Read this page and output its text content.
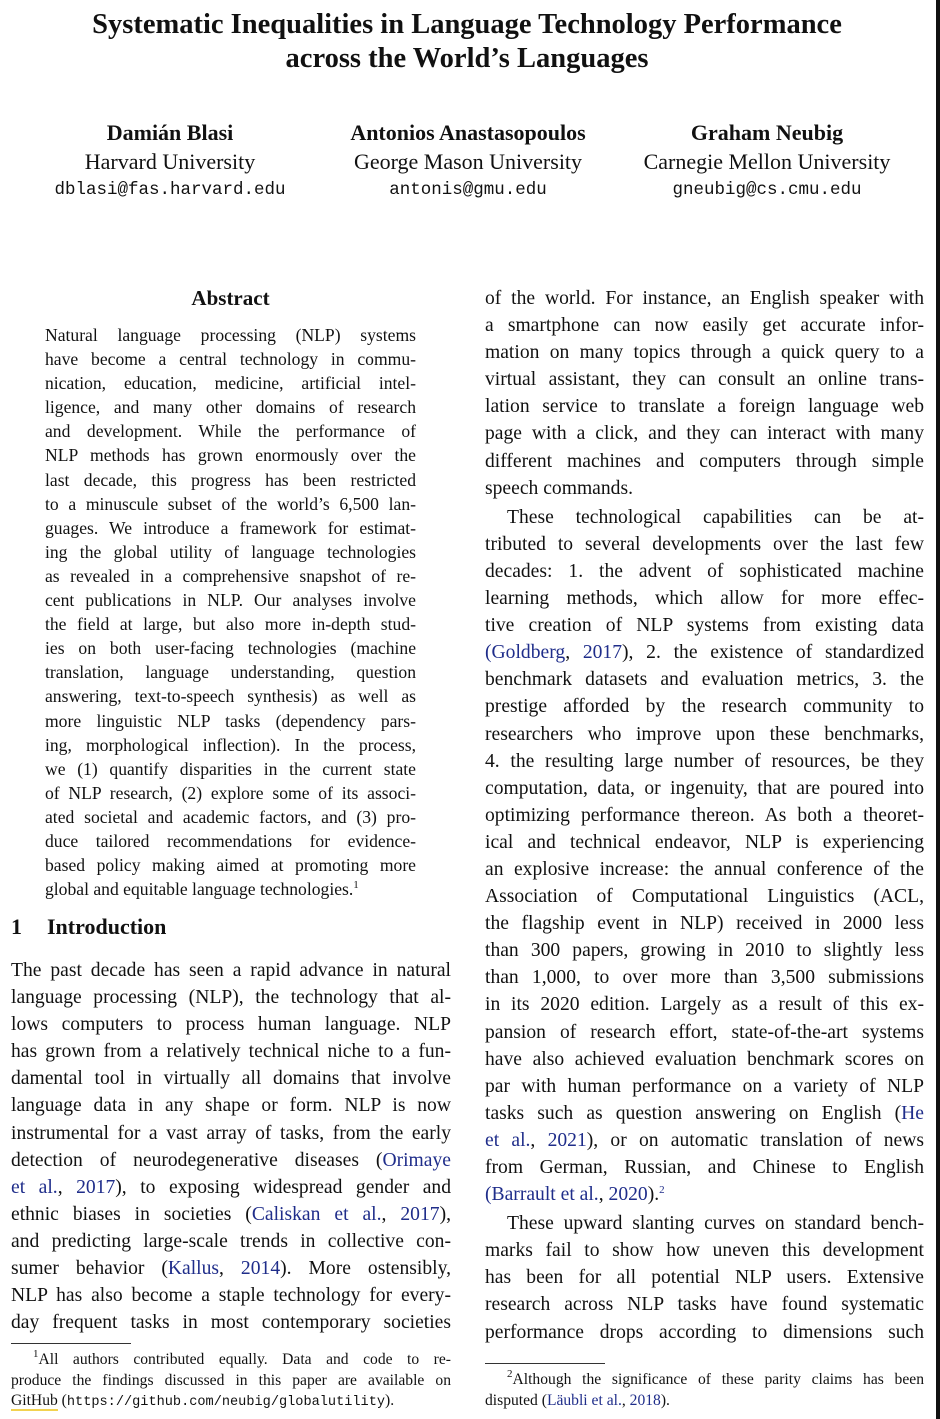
Systematic Inequalities in Language Technology Performance
across the World’s Languages
Damián Blasi
Harvard University
dblasi@fas.harvard.edu
Antonios Anastasopoulos
George Mason University
antonis@gmu.edu
Graham Neubig
Carnegie Mellon University
gneubig@cs.cmu.edu
Abstract
Natural language processing (NLP) systems
have become a central technology in commu-
nication, education, medicine, artificial intel-
ligence, and many other domains of research
and development. While the performance of
NLP methods has grown enormously over the
last decade, this progress has been restricted
to a minuscule subset of the world’s 6,500 lan-
guages. We introduce a framework for estimat-
ing the global utility of language technologies
as revealed in a comprehensive snapshot of re-
cent publications in NLP. Our analyses involve
the field at large, but also more in-depth stud-
ies on both user-facing technologies (machine
translation, language understanding, question
answering, text-to-speech synthesis) as well as
more linguistic NLP tasks (dependency pars-
ing, morphological inflection). In the process,
we (1) quantify disparities in the current state
of NLP research, (2) explore some of its associ-
ated societal and academic factors, and (3) pro-
duce tailored recommendations for evidence-
based policy making aimed at promoting more
global and equitable language technologies.$^1$
1 Introduction
The past decade has seen a rapid advance in natural
language processing (NLP), the technology that al-
lows computers to process human language. NLP
has grown from a relatively technical niche to a fun-
damental tool in virtually all domains that involve
language data in any shape or form. NLP is now
instrumental for a vast array of tasks, from the early
detection of neurodegenerative diseases (Orimaye
et al., 2017), to exposing widespread gender and
ethnic biases in societies (Caliskan et al., 2017),
and predicting large-scale trends in collective con-
sumer behavior (Kallus, 2014). More ostensibly,
NLP has also become a staple technology for every-
day frequent tasks in most contemporary societies
$^1$All authors contributed equally. Data and code to re-
produce the findings discussed in this paper are available on
GitHub (https://github.com/neubig/globalutility).
of the world. For instance, an English speaker with
a smartphone can now easily get accurate infor-
mation on many topics through a quick query to a
virtual assistant, they can consult an online trans-
lation service to translate a foreign language web
page with a click, and they can interact with many
different machines and computers through simple
speech commands.
These technological capabilities can be at-
tributed to several developments over the last few
decades: 1. the advent of sophisticated machine
learning methods, which allow for more effec-
tive creation of NLP systems from existing data
(Goldberg, 2017), 2. the existence of standardized
benchmark datasets and evaluation metrics, 3. the
prestige afforded by the research community to
researchers who improve upon these benchmarks,
4. the resulting large number of resources, be they
computation, data, or ingenuity, that are poured into
optimizing performance thereon. As both a theoret-
ical and technical endeavor, NLP is experiencing
an explosive increase: the annual conference of the
Association of Computational Linguistics (ACL,
the flagship event in NLP) received in 2000 less
than 300 papers, growing in 2010 to slightly less
than 1,000, to over more than 3,500 submissions
in its 2020 edition. Largely as a result of this ex-
pansion of research effort, state-of-the-art systems
have also achieved evaluation benchmark scores on
par with human performance on a variety of NLP
tasks such as question answering on English (He
et al., 2021), or on automatic translation of news
from German, Russian, and Chinese to English
(Barrault et al., 2020).$^2$
These upward slanting curves on standard bench-
marks fail to show how uneven this development
has been for all potential NLP users. Extensive
research across NLP tasks have found systematic
performance drops according to dimensions such
$^2$Although the significance of these parity claims has been
disputed (Läubli et al., 2018).
